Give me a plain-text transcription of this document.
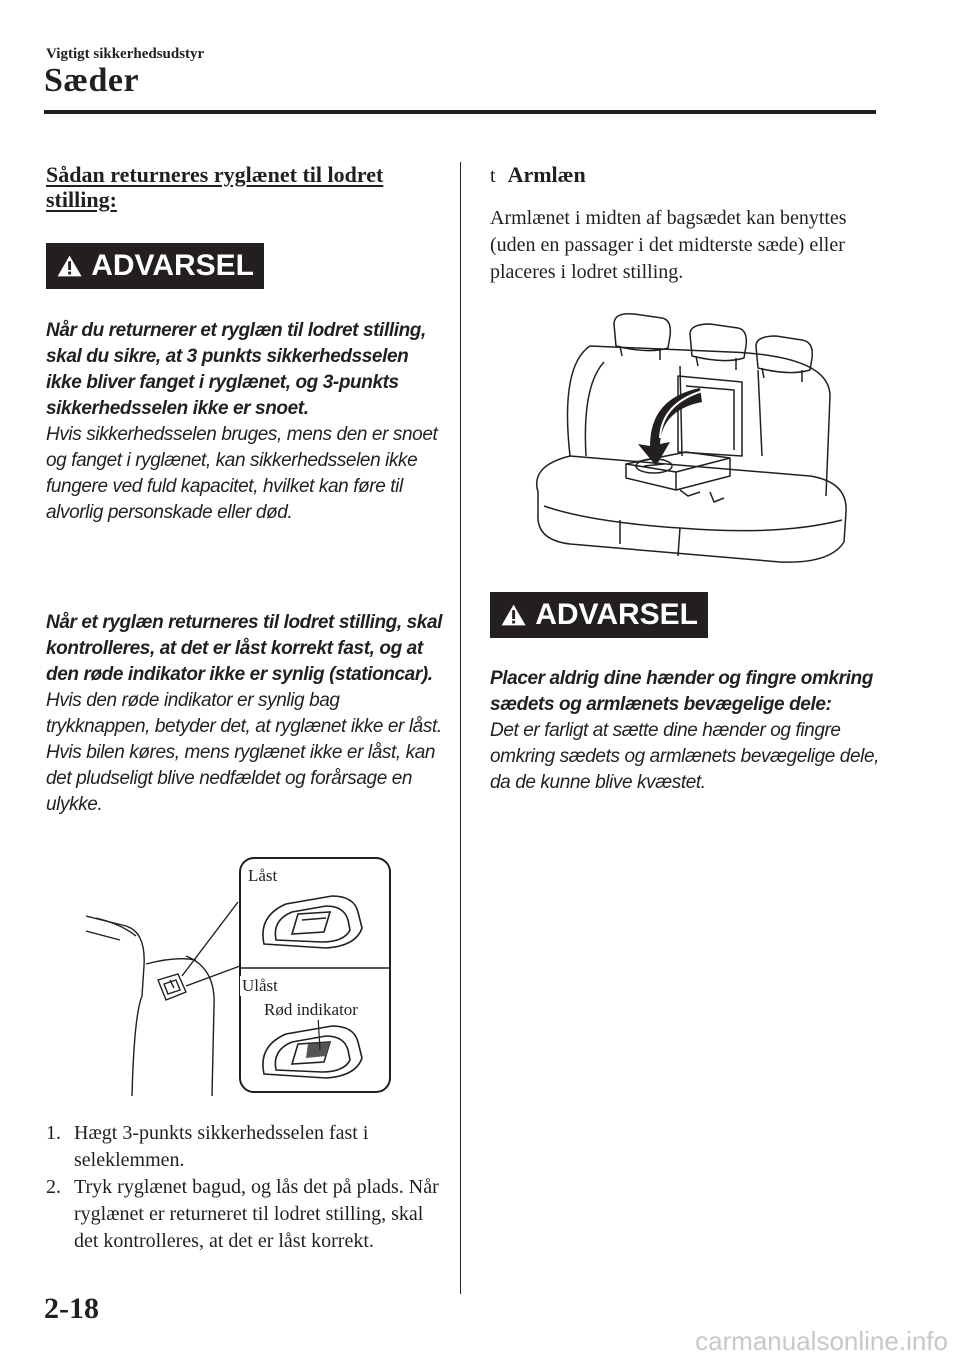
Vigtigt sikkerhedsudstyr
Sæder
Sådan returneres ryglænet til lodret stilling:
ADVARSEL

Når du returnerer et ryglæn til lodret stilling, skal du sikre, at 3 punkts sikkerhedsselen ikke bliver fanget i ryglænet, og 3-punkts sikkerhedsselen ikke er snoet.

Hvis sikkerhedsselen bruges, mens den er snoet og fanget i ryglænet, kan sikkerhedsselen ikke fungere ved fuld kapacitet, hvilket kan føre til alvorlig personskade eller død.

Når et ryglæn returneres til lodret stilling, skal kontrolleres, at det er låst korrekt fast, og at den røde indikator ikke er synlig (stationcar).

Hvis den røde indikator er synlig bag trykknappen, betyder det, at ryglænet ikke er låst. Hvis bilen køres, mens ryglænet ikke er låst, kan det pludseligt blive nedfældet og forårsage en ulykke.

Låst
Ulåst
Rød indikator
1. Hægt 3-punkts sikkerhedsselen fast i seleklemmen.
2. Tryk ryglænet bagud, og lås det på plads. Når ryglænet er returneret til lodret stilling, skal det kontrolleres, at det er låst korrekt.
t Armlæn
Armlænet i midten af bagsædet kan benyttes (uden en passager i det midterste sæde) eller placeres i lodret stilling.
ADVARSEL

Placer aldrig dine hænder og fingre omkring sædets og armlænets bevægelige dele:

Det er farligt at sætte dine hænder og fingre omkring sædets og armlænets bevægelige dele, da de kunne blive kvæstet.

2-18
carmanualsonline.info
